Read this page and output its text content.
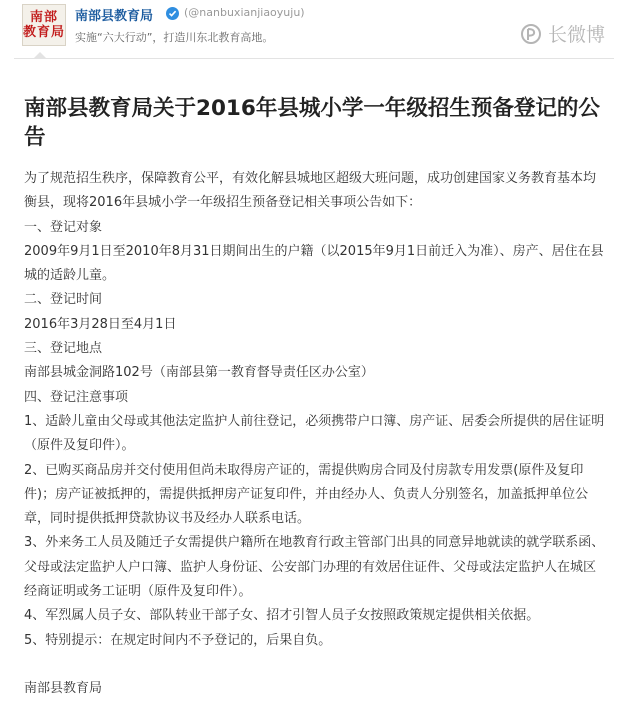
南部
教育局
南部县教育局	(@nanbuxianjiaoyuju)
实施“六大行动”，打造川东北教育高地。	长微博
南部县教育局关于2016年县城小学一年级招生预备登记的公告

为了规范招生秩序，保障教育公平，有效化解县城地区超级大班问题，成功创建国家义务教育基本均衡县，现将2016年县城小学一年级招生预备登记相关事项公告如下：

一、登记对象

2009年9月1日至2010年8月31日期间出生的户籍（以2015年9月1日前迁入为准）、房产、居住在县城的适龄儿童。

二、登记时间

2016年3月28日至4月1日

三、登记地点

南部县城金洞路102号（南部县第一教育督导责任区办公室）

四、登记注意事项

1、适龄儿童由父母或其他法定监护人前往登记，必须携带户口簿、房产证、居委会所提供的居住证明（原件及复印件）。

2、已购买商品房并交付使用但尚未取得房产证的，需提供购房合同及付房款专用发票(原件及复印件)；房产证被抵押的，需提供抵押房产证复印件，并由经办人、负责人分别签名，加盖抵押单位公章，同时提供抵押贷款协议书及经办人联系电话。

3、外来务工人员及随迁子女需提供户籍所在地教育行政主管部门出具的同意异地就读的就学联系函、父母或法定监护人户口簿、监护人身份证、公安部门办理的有效居住证件、父母或法定监护人在城区经商证明或务工证明（原件及复印件）。

4、军烈属人员子女、部队转业干部子女、招才引智人员子女按照政策规定提供相关依据。

5、特别提示：在规定时间内不予登记的，后果自负。

南部县教育局
